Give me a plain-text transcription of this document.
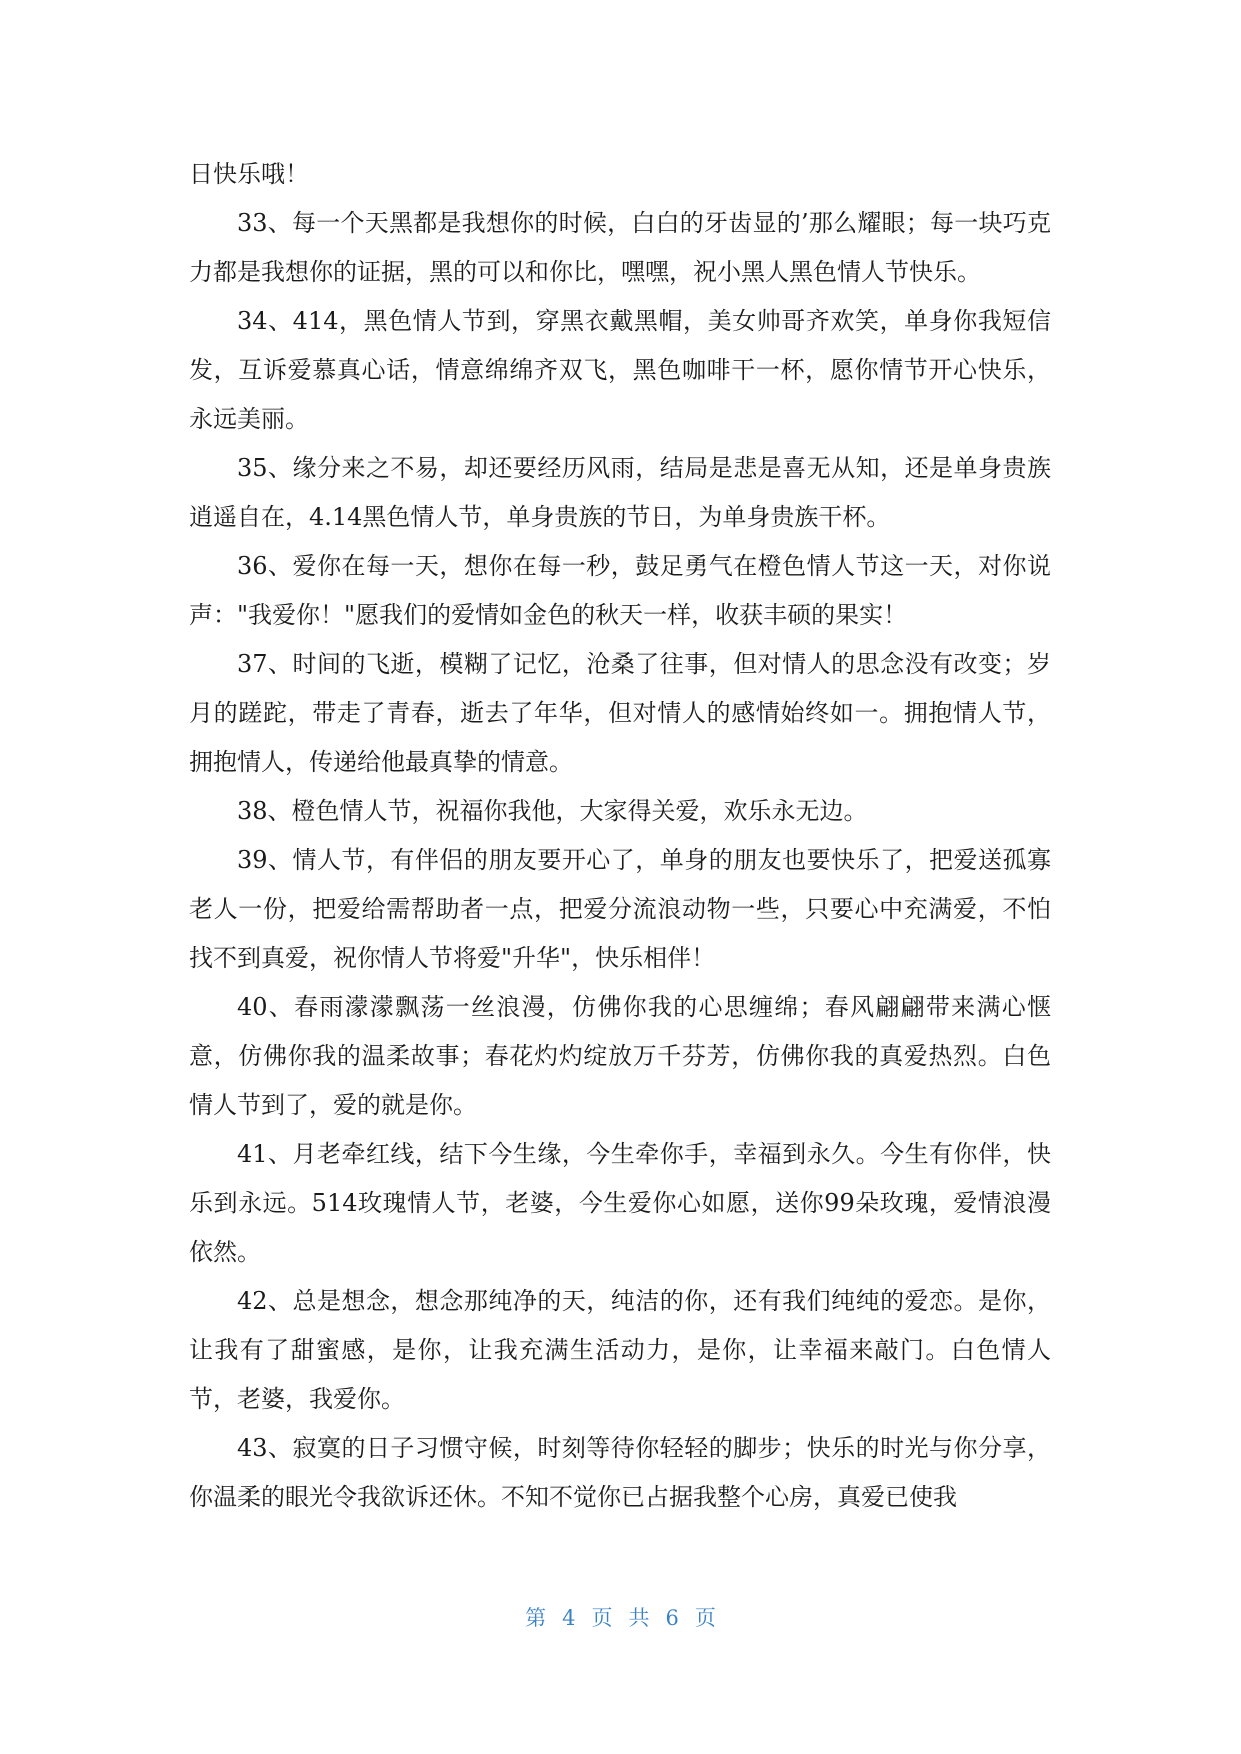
日快乐哦！

33、每一个天黑都是我想你的时候，白白的牙齿显的’那么耀眼；每一块巧克力都是我想你的证据，黑的可以和你比，嘿嘿，祝小黑人黑色情人节快乐。

34、414，黑色情人节到，穿黑衣戴黑帽，美女帅哥齐欢笑，单身你我短信发，互诉爱慕真心话，情意绵绵齐双飞，黑色咖啡干一杯，愿你情节开心快乐，永远美丽。

35、缘分来之不易，却还要经历风雨，结局是悲是喜无从知，还是单身贵族逍遥自在，4.14黑色情人节，单身贵族的节日，为单身贵族干杯。

36、爱你在每一天，想你在每一秒，鼓足勇气在橙色情人节这一天，对你说声："我爱你！"愿我们的爱情如金色的秋天一样，收获丰硕的果实！

37、时间的飞逝，模糊了记忆，沧桑了往事，但对情人的思念没有改变；岁月的蹉跎，带走了青春，逝去了年华，但对情人的感情始终如一。拥抱情人节，拥抱情人，传递给他最真挚的情意。

38、橙色情人节，祝福你我他，大家得关爱，欢乐永无边。

39、情人节，有伴侣的朋友要开心了，单身的朋友也要快乐了，把爱送孤寡老人一份，把爱给需帮助者一点，把爱分流浪动物一些，只要心中充满爱，不怕找不到真爱，祝你情人节将爱"升华"，快乐相伴！

40、春雨濛濛飘荡一丝浪漫，仿佛你我的心思缠绵；春风翩翩带来满心惬意，仿佛你我的温柔故事；春花灼灼绽放万千芬芳，仿佛你我的真爱热烈。白色情人节到了，爱的就是你。

41、月老牵红线，结下今生缘，今生牵你手，幸福到永久。今生有你伴，快乐到永远。514玫瑰情人节，老婆，今生爱你心如愿，送你99朵玫瑰，爱情浪漫依然。

42、总是想念，想念那纯净的天，纯洁的你，还有我们纯纯的爱恋。是你，让我有了甜蜜感，是你，让我充满生活动力，是你，让幸福来敲门。白色情人节，老婆，我爱你。

43、寂寞的日子习惯守候，时刻等待你轻轻的脚步；快乐的时光与你分享，你温柔的眼光令我欲诉还休。不知不觉你已占据我整个心房，真爱已使我

第 4 页 共 6 页
